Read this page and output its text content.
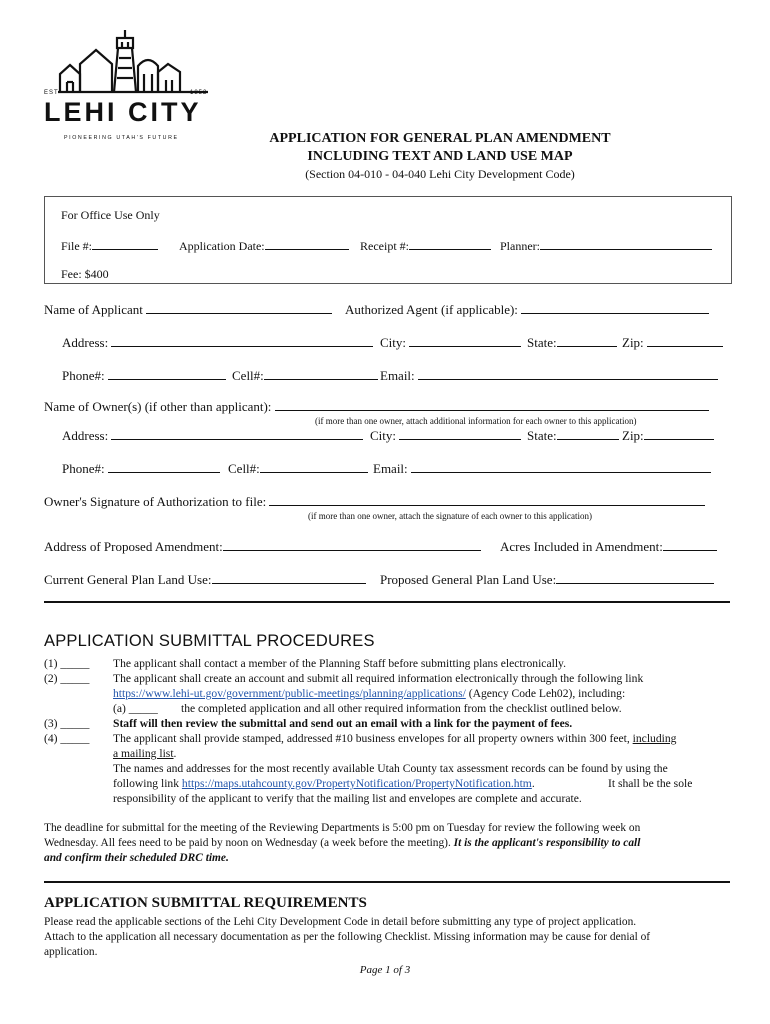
EST	1852
LEHI CITY
PIONEERING UTAH'S FUTURE	APPLICATION FOR GENERAL PLAN AMENDMENT
INCLUDING TEXT AND LAND USE MAP
(Section 04-010 - 04-040 Lehi City Development Code)
For Office Use Only
File #:	Application Date:	Receipt #:	Planner:
Fee: $400
Name of Applicant	Authorized Agent (if applicable):
Address:	City:	State:	Zip:
Phone#:	Cell#:	Email:
Name of Owner(s) (if other than applicant):
(if more than one owner, attach additional information for each owner to this application)
Address:	City:	State:	Zip:
Phone#:	Cell#:	Email:
Owner's Signature of Authorization to file:
(if more than one owner, attach the signature of each owner to this application)
Address of Proposed Amendment:	Acres Included in Amendment:
Current General Plan Land Use:	Proposed General Plan Land Use:
APPLICATION SUBMITTAL PROCEDURES
(1) _____ The applicant shall contact a member of the Planning Staff before submitting plans electronically.
(2) _____ The applicant shall create an account and submit all required information electronically through the following link
https://www.lehi-ut.gov/government/public-meetings/planning/applications/ (Agency Code Leh02), including:
(a) _____ the completed application and all other required information from the checklist outlined below.
(3) _____ Staff will then review the submittal and send out an email with a link for the payment of fees.
(4) _____ The applicant shall provide stamped, addressed #10 business envelopes for all property owners within 300 feet, including
a mailing list.
The names and addresses for the most recently available Utah County tax assessment records can be found by using the
following link https://maps.utahcounty.gov/PropertyNotification/PropertyNotification.htm.	It shall be the sole
responsibility of the applicant to verify that the mailing list and envelopes are complete and accurate.
The deadline for submittal for the meeting of the Reviewing Departments is 5:00 pm on Tuesday for review the following week on
Wednesday. All fees need to be paid by noon on Wednesday (a week before the meeting). It is the applicant's responsibility to call
and confirm their scheduled DRC time.
APPLICATION SUBMITTAL REQUIREMENTS
Please read the applicable sections of the Lehi City Development Code in detail before submitting any type of project application.
Attach to the application all necessary documentation as per the following Checklist. Missing information may be cause for denial of
application.
Page 1 of 3
